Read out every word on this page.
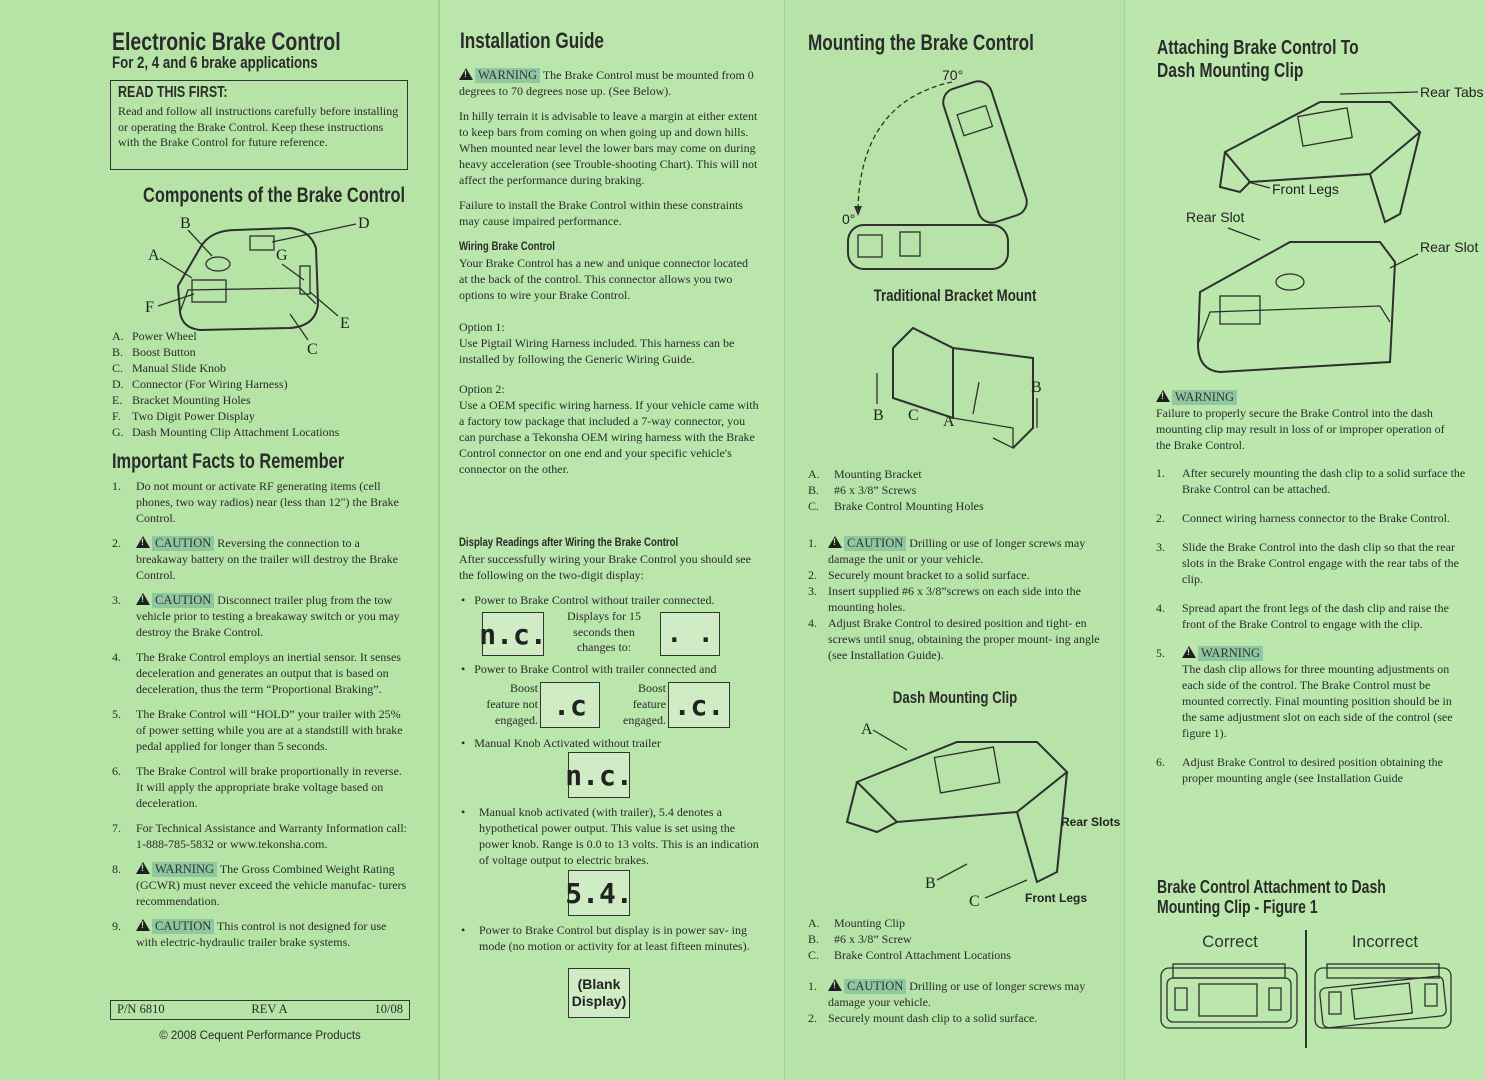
Electronic Brake Control
For 2, 4 and 6 brake applications
READ THIS FIRST:
Read and follow all instructions carefully before installing or operating the Brake Control. Keep these instructions with the Brake Control for future reference.
Components of the Brake Control
B
A
D
G
F
E
C
A. Power Wheel
B. Boost Button
C. Manual Slide Knob
D. Connector (For Wiring Harness)
E. Bracket Mounting Holes
F. Two Digit Power Display
G. Dash Mounting Clip Attachment Locations
Important Facts to Remember
1.	Do not mount or activate RF generating items (cell phones, two way radios) near (less than 12") the Brake Control.
2. !	CAUTION Reversing the connection to a breakaway battery on the trailer will destroy the Brake Control.
3. !	CAUTION Disconnect trailer plug from the tow vehicle prior to testing a breakaway switch or you may destroy the Brake Control.
4.	The Brake Control employs an inertial sensor. It senses deceleration and generates an output that is based on deceleration, thus the term “Proportional Braking”.
5.	The Brake Control will “HOLD” your trailer with 25% of power setting while you are at a standstill with brake pedal applied for longer than 5 seconds.
6.	The Brake Control will brake proportionally in reverse. It will apply the appropriate brake voltage based on deceleration.
7.	For Technical Assistance and Warranty Information call: 1-888-785-5832 or www.tekonsha.com.
8. !	WARNING The Gross Combined Weight Rating (GCWR) must never exceed the vehicle manufac- turers recommendation.
9. !	CAUTION This control is not designed for use with electric-hydraulic trailer brake systems.
P/N 6810	REV A	10/08
© 2008 Cequent Performance Products
Installation Guide

!WARNING The Brake Control must be mounted from 0 degrees to 70 degrees nose up. (See Below).

In hilly terrain it is advisable to leave a margin at either extent to keep bars from coming on when going up and down hills. When mounted near level the lower bars may come on during heavy acceleration (see Trouble-shooting Chart). This will not affect the performance during braking.

Failure to install the Brake Control within these constraints may cause impaired performance.

Wiring Brake Control

Your Brake Control has a new and unique connector located at the back of the control. This connector allows you two options to wire your Brake Control.

Option 1:

Use Pigtail Wiring Harness included. This harness can be installed by following the Generic Wiring Guide.

Option 2:

Use a OEM specific wiring harness. If your vehicle came with a factory tow package that included a 7-way connector, you can purchase a Tekonsha OEM wiring harness with the Brake Control connector on one end and your specific vehicle's connector on the other.

Display Readings after Wiring the Brake Control

After successfully wiring your Brake Control you should see the following on the two-digit display:

•   Power to Brake Control without trailer connected.
n.c.
Displays for 15 seconds then changes to:	. .
•   Power to Brake Control with trailer connected and
Boost feature not engaged. .c
Boost feature engaged. .c.
•   Manual Knob Activated without trailer
n.c.
•	Manual knob activated (with trailer), 5.4 denotes a hypothetical power output. This value is set using the power knob. Range is 0.0 to 13 volts. This is an indication of voltage output to electric brakes.
5.4.
•	Power to Brake Control but display is in power sav- ing mode (no motion or activity for at least fifteen minutes).
(Blank Display)
Mounting the Brake Control
70°
0°
Traditional Bracket Mount
B C A
B
A.	Mounting Bracket
B.	#6 x 3/8” Screws
C.	Brake Control Mounting Holes
1. !	CAUTION Drilling or use of longer screws may damage the unit or your vehicle.
2. Securely mount bracket to a solid surface.
3. Insert supplied #6 x 3/8”screws on each side into the mounting holes.
4. Adjust Brake Control to desired position and tight- en screws until snug, obtaining the proper mount- ing angle (see Installation Guide).
Dash Mounting Clip
A
B
C
Rear Slots
Front Legs
A.	Mounting Clip
B.	#6 x 3/8” Screw
C.	Brake Control Attachment Locations
1. !	CAUTION Drilling or use of longer screws may damage your vehicle.
2. Securely mount dash clip to a solid surface.
Attaching Brake Control To
Dash Mounting Clip
Rear Tabs
Front Legs
Rear Slot
Rear Slot
!WARNING
Failure to properly secure the Brake Control into the dash mounting clip may result in loss of or improper operation of the Brake Control.
1.	After securely mounting the dash clip to a solid surface the Brake Control can be attached.
2.	Connect wiring harness connector to the Brake Control.
3.	Slide the Brake Control into the dash clip so that the rear slots in the Brake Control engage with the rear tabs of the clip.
4.	Spread apart the front legs of the dash clip and raise the front of the Brake Control to engage with the clip.
5. !	WARNING
The dash clip allows for three mounting adjustments on each side of the control. The Brake Control must be mounted correctly. Final mounting position should be in the same adjustment slot on each side of the control (see figure 1).
6.	Adjust Brake Control to desired position obtaining the proper mounting angle (see Installation Guide
Brake Control Attachment to Dash
Mounting Clip - Figure 1
Correct	Incorrect
